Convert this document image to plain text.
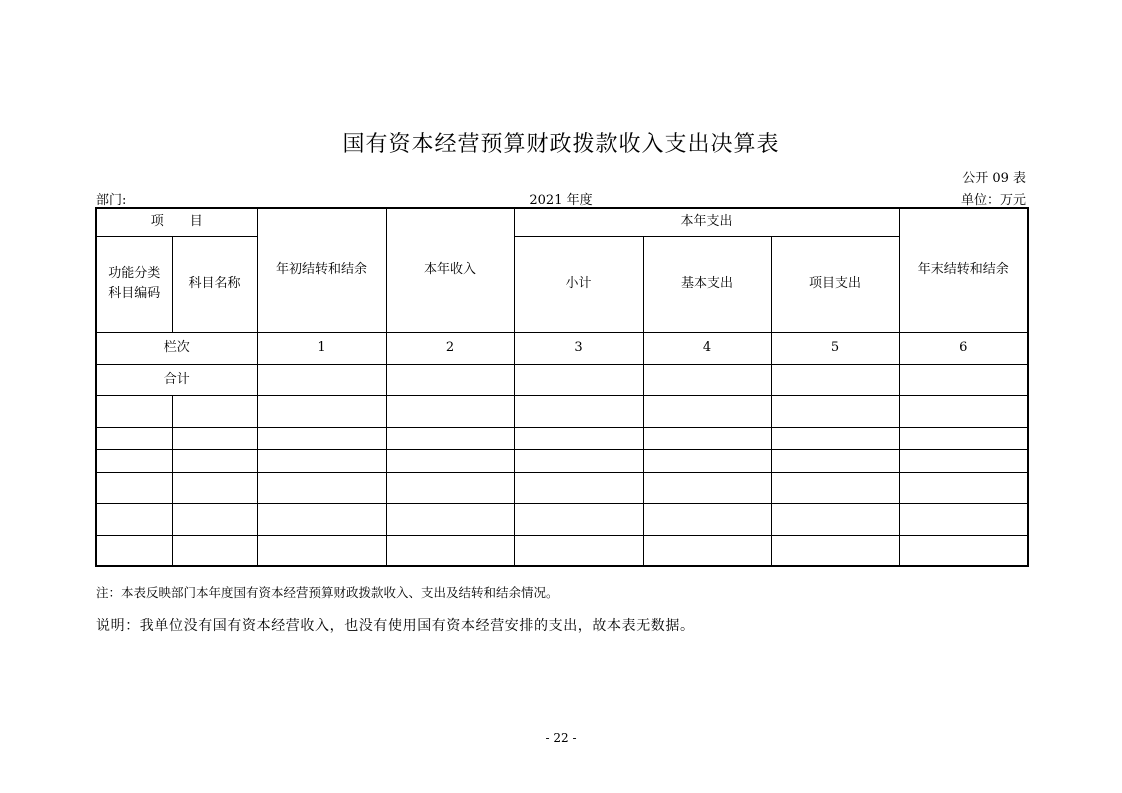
国有资本经营预算财政拨款收入支出决算表
公开 09 表
部门:	2021 年度	单位：万元
项　　目		年初结转和结余	本年收入	本年支出			年末结转和结余

功能分类
科目编码	科目名称			小计	基本支出	项目支出	
栏次		1	2	3	4	5	6
合计							

注：本表反映部门本年度国有资本经营预算财政拨款收入、支出及结转和结余情况。
说明：我单位没有国有资本经营收入，也没有使用国有资本经营安排的支出，故本表无数据。
- 22 -
